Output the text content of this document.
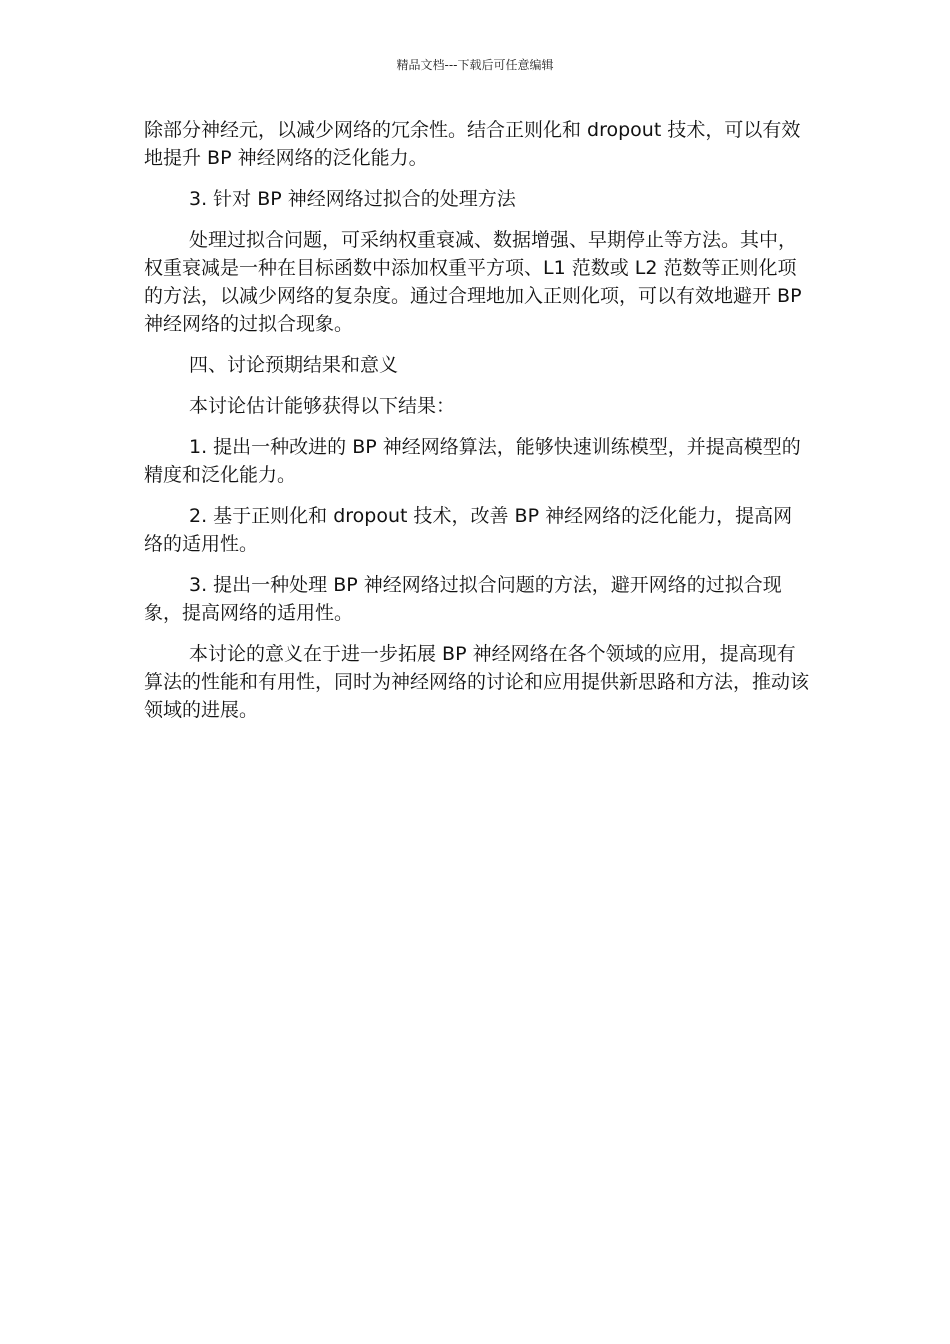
精品文档---下载后可任意编辑

除部分神经元，以减少网络的冗余性。结合正则化和 dropout 技术，可以有效地提升 BP 神经网络的泛化能力。

3. 针对 BP 神经网络过拟合的处理方法

处理过拟合问题，可采纳权重衰减、数据增强、早期停止等方法。其中，权重衰减是一种在目标函数中添加权重平方项、L1 范数或 L2 范数等正则化项的方法，以减少网络的复杂度。通过合理地加入正则化项，可以有效地避开 BP 神经网络的过拟合现象。

四、讨论预期结果和意义

本讨论估计能够获得以下结果：

1. 提出一种改进的 BP 神经网络算法，能够快速训练模型，并提高模型的精度和泛化能力。

2. 基于正则化和 dropout 技术，改善 BP 神经网络的泛化能力，提高网络的适用性。

3. 提出一种处理 BP 神经网络过拟合问题的方法，避开网络的过拟合现象，提高网络的适用性。

本讨论的意义在于进一步拓展 BP 神经网络在各个领域的应用，提高现有算法的性能和有用性，同时为神经网络的讨论和应用提供新思路和方法，推动该领域的进展。
